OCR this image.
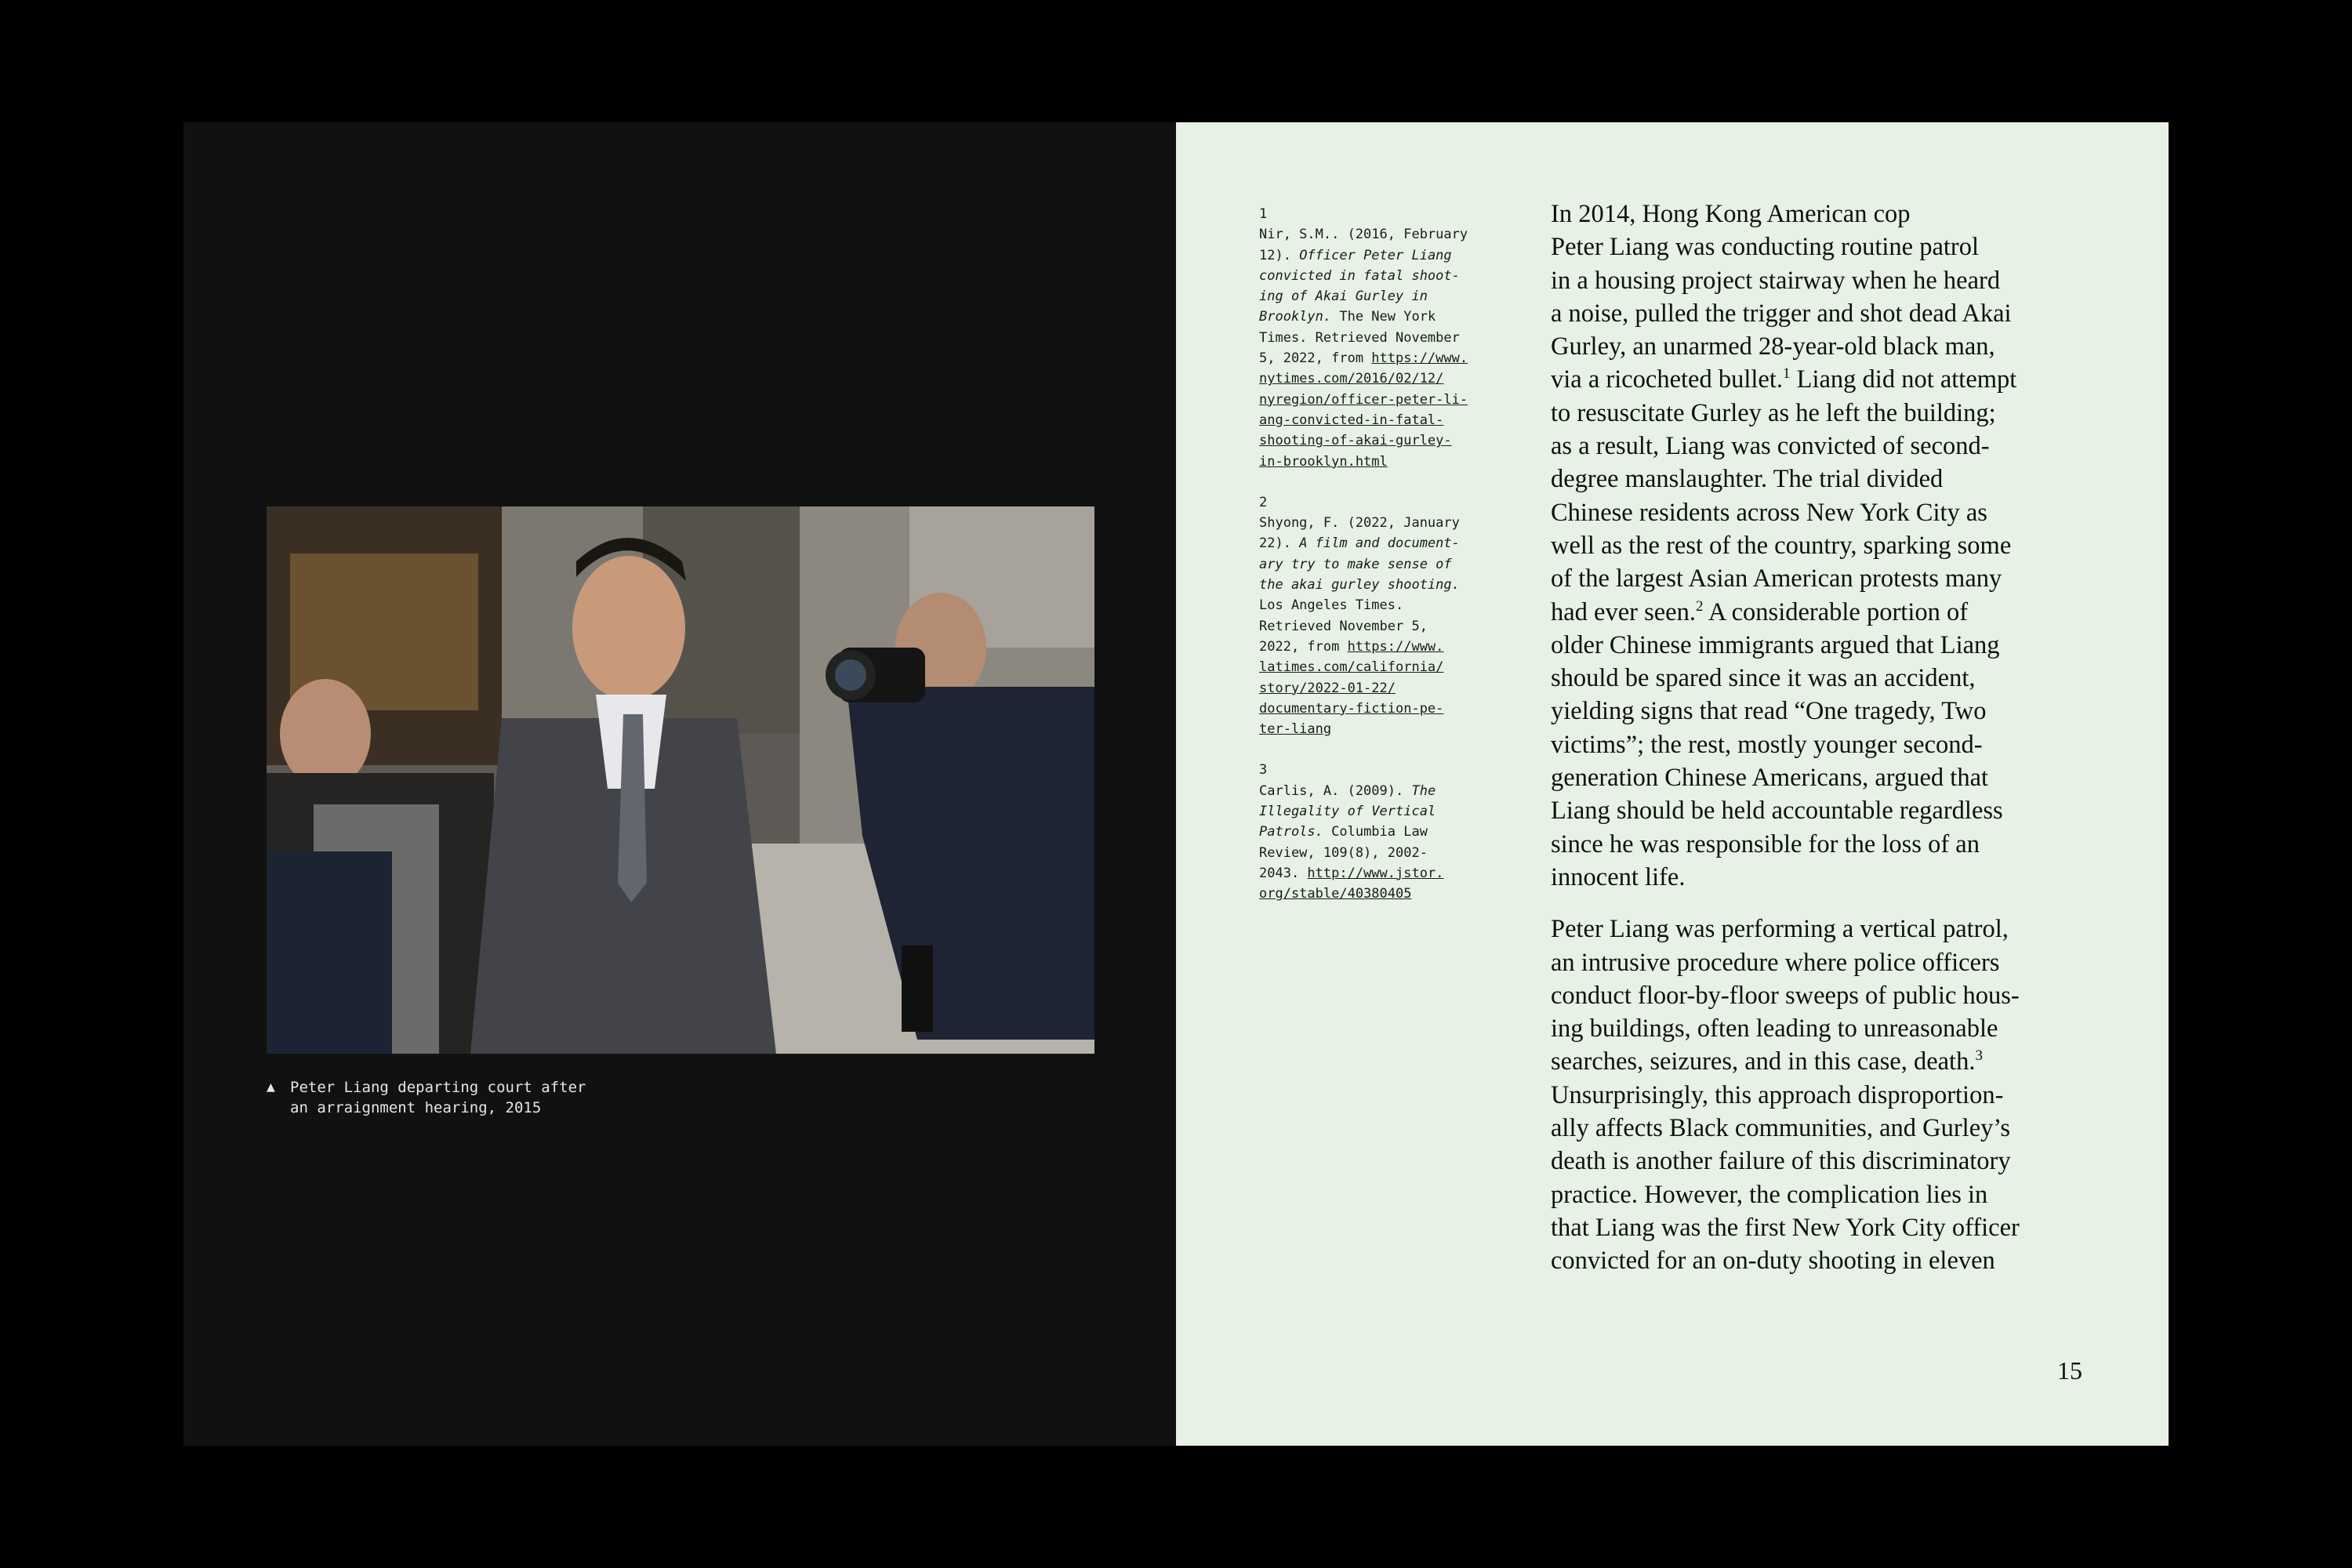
▲	Peter Liang departing court after
an arraignment hearing, 2015
1
Nir, S.M.. (2016, February
12). Officer Peter Liang
convicted in fatal shoot-
ing of Akai Gurley in
Brooklyn. The New York
Times. Retrieved November
5, 2022, from https://www.
nytimes.com/2016/02/12/
nyregion/officer-peter-li-
ang-convicted-in-fatal-
shooting-of-akai-gurley-
in-brooklyn.html
2
Shyong, F. (2022, January
22). A film and document-
ary try to make sense of
the akai gurley shooting.
Los Angeles Times.
Retrieved November 5,
2022, from https://www.
latimes.com/california/
story/2022-01-22/
documentary-fiction-pe-
ter-liang
3
Carlis, A. (2009). The
Illegality of Vertical
Patrols. Columbia Law
Review, 109(8), 2002-
2043. http://www.jstor.
org/stable/40380405

In 2014, Hong Kong American cop
Peter Liang was conducting routine patrol
in a housing project stairway when he heard
a noise, pulled the trigger and shot dead Akai
Gurley, an unarmed 28-year-old black man,
via a ricocheted bullet.$^1$ Liang did not attempt
to resuscitate Gurley as he left the building;
as a result, Liang was convicted of second-
degree manslaughter. The trial divided
Chinese residents across New York City as
well as the rest of the country, sparking some
of the largest Asian American protests many
had ever seen.$^2$ A considerable portion of
older Chinese immigrants argued that Liang
should be spared since it was an accident,
yielding signs that read “One tragedy, Two
victims”; the rest, mostly younger second-
generation Chinese Americans, argued that
Liang should be held accountable regardless
since he was responsible for the loss of an
innocent life.

Peter Liang was performing a vertical patrol,
an intrusive procedure where police officers
conduct floor-by-floor sweeps of public hous-
ing buildings, often leading to unreasonable
searches, seizures, and in this case, death.$^3$
Unsurprisingly, this approach disproportion-
ally affects Black communities, and Gurley’s
death is another failure of this discriminatory
practice. However, the complication lies in
that Liang was the first New York City officer
convicted for an on-duty shooting in eleven

15
